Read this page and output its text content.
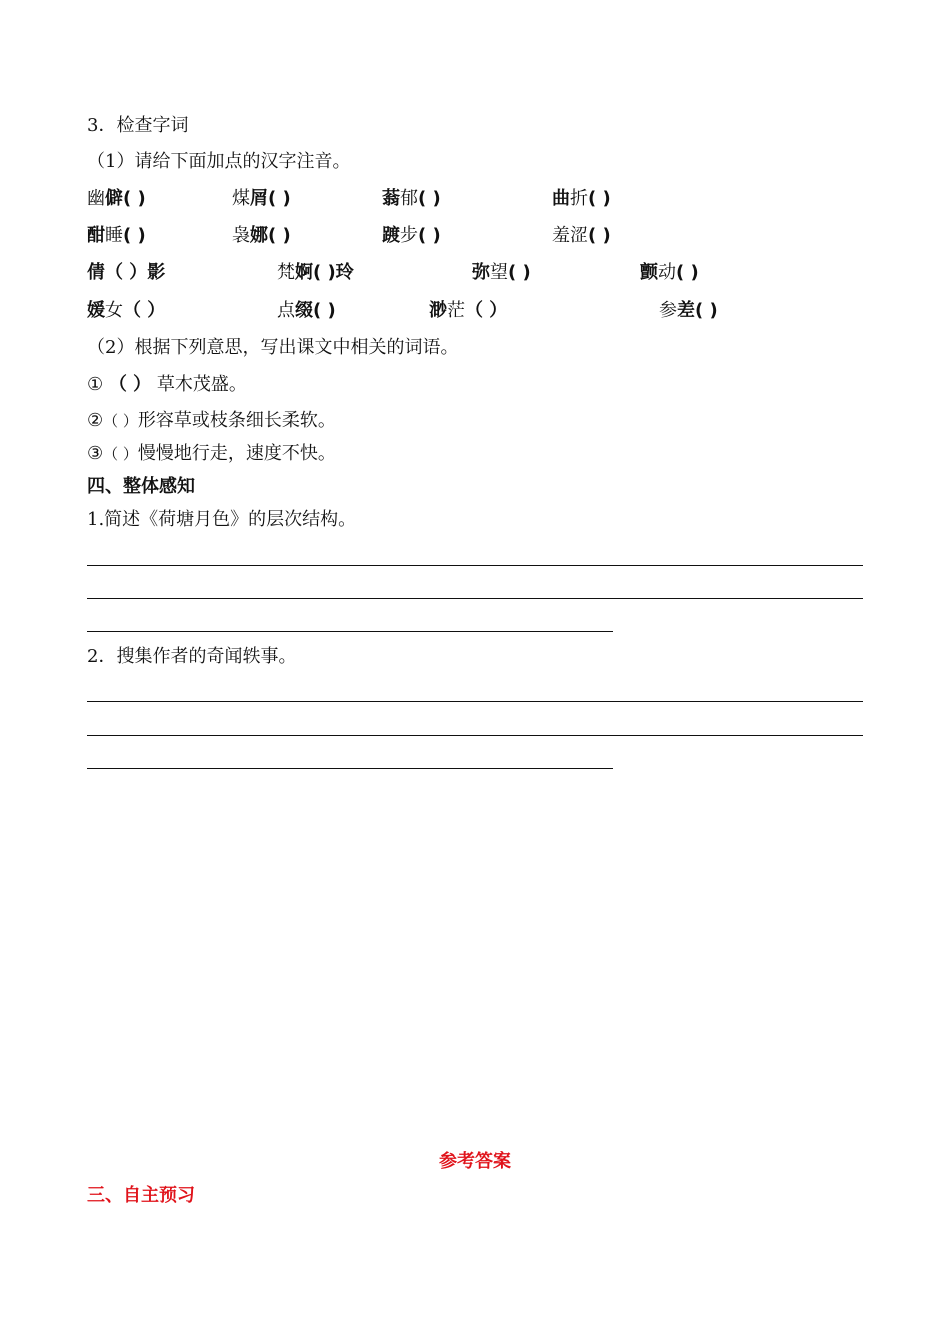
3．检查字词
（1）请给下面加点的汉字注音。
幽僻( )	煤屑( )	蓊郁( )	曲折( )
酣睡( )	袅娜( )	踱步( )	羞涩( )
倩（ ）影	梵婀( )玲	弥望( )	颤动( )
媛女（ ）	点缀( )	渺茫（ ）	参差( )
（2）根据下列意思，写出课文中相关的词语。
① （ ） 草木茂盛。
②（ ）形容草或枝条细长柔软。
③（ ）慢慢地行走，速度不快。
四、整体感知
1.简述《荷塘月色》的层次结构。
2．搜集作者的奇闻轶事。
参考答案
三、自主预习
